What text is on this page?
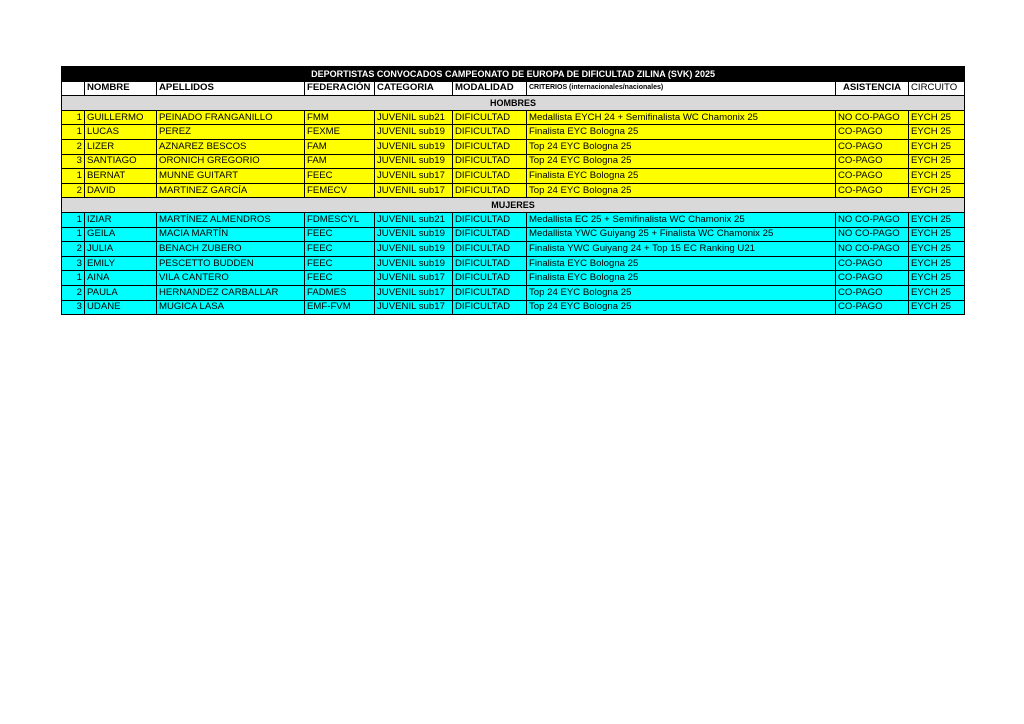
DEPORTISTAS CONVOCADOS CAMPEONATO DE EUROPA DE DIFICULTAD ZILINA (SVK) 2025								
	NOMBRE	APELLIDOS	FEDERACIÓN	CATEGORIA	MODALIDAD	CRITERIOS (internacionales/nacionales)	ASISTENCIA	CIRCUITO
HOMBRES								
1	GUILLERMO	PEINADO FRANGANILLO	FMM	JUVENIL sub21	DIFICULTAD	Medallista EYCH 24 + Semifinalista WC Chamonix 25	NO CO-PAGO	EYCH 25
1	LUCAS	PEREZ	FEXME	JUVENIL sub19	DIFICULTAD	Finalista EYC Bologna 25	CO-PAGO	EYCH 25
2	LIZER	AZNAREZ BESCOS	FAM	JUVENIL sub19	DIFICULTAD	Top 24 EYC Bologna 25	CO-PAGO	EYCH 25
3	SANTIAGO	ORONICH GREGORIO	FAM	JUVENIL sub19	DIFICULTAD	Top 24 EYC Bologna 25	CO-PAGO	EYCH 25
1	BERNAT	MUNNE GUITART	FEEC	JUVENIL sub17	DIFICULTAD	Finalista EYC Bologna 25	CO-PAGO	EYCH 25
2	DAVID	MARTINEZ GARCÍA	FEMECV	JUVENIL sub17	DIFICULTAD	Top 24 EYC Bologna 25	CO-PAGO	EYCH 25
MUJERES								
1	IZIAR	MARTÍNEZ ALMENDROS	FDMESCYL	JUVENIL sub21	DIFICULTAD	Medallista EC 25 + Semifinalista WC Chamonix 25	NO CO-PAGO	EYCH 25
1	GEILA	MACIA MARTÍN	FEEC	JUVENIL sub19	DIFICULTAD	Medallista YWC Guiyang 25 + Finalista WC Chamonix 25	NO CO-PAGO	EYCH 25
2	JULIA	BENACH ZUBERO	FEEC	JUVENIL sub19	DIFICULTAD	Finalista YWC Guiyang 24 + Top 15 EC Ranking U21	NO CO-PAGO	EYCH 25
3	EMILY	PESCETTO BUDDEN	FEEC	JUVENIL sub19	DIFICULTAD	Finalista EYC Bologna 25	CO-PAGO	EYCH 25
1	AINA	VILA CANTERO	FEEC	JUVENIL sub17	DIFICULTAD	Finalista EYC Bologna 25	CO-PAGO	EYCH 25
2	PAULA	HERNANDEZ CARBALLAR	FADMES	JUVENIL sub17	DIFICULTAD	Top 24 EYC Bologna 25	CO-PAGO	EYCH 25
3	UDANE	MUGICA LASA	EMF-FVM	JUVENIL sub17	DIFICULTAD	Top 24 EYC Bologna 25	CO-PAGO	EYCH 25
